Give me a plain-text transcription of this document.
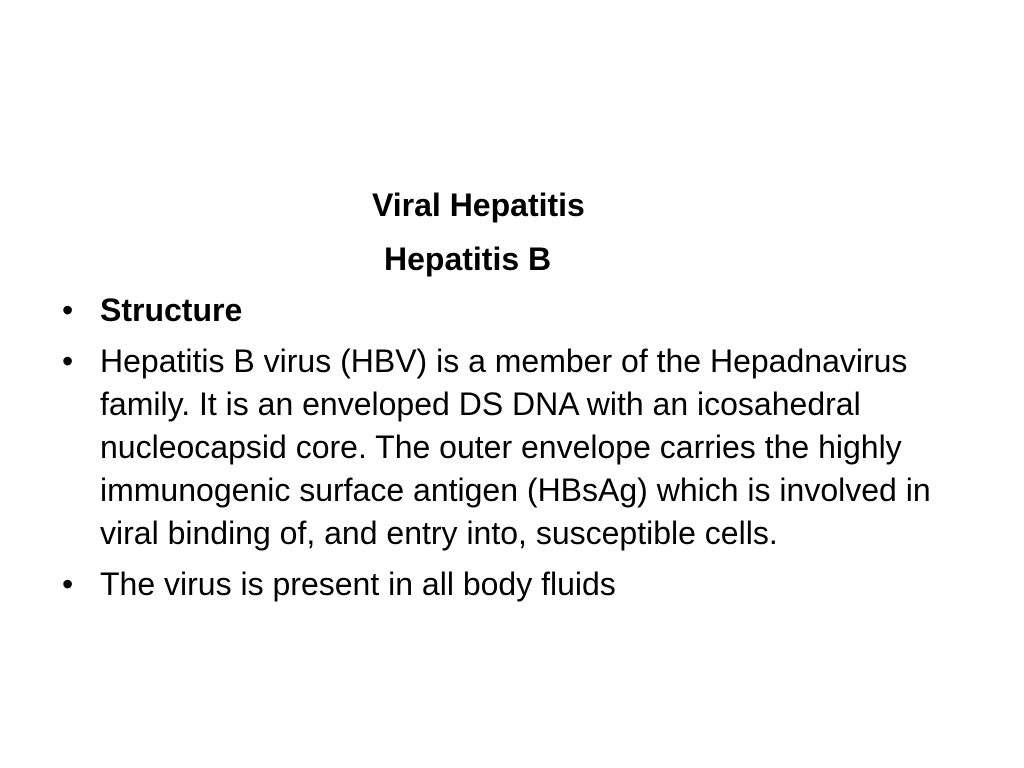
Viral Hepatitis
Hepatitis B
• Structure
• Hepatitis B virus (HBV) is a member of the Hepadnavirus family. It is an enveloped DS DNA with an icosahedral nucleocapsid core. The outer envelope carries the highly immunogenic surface antigen (HBsAg) which is involved in viral binding of, and entry into, susceptible cells.
• The virus is present in all body fluids
